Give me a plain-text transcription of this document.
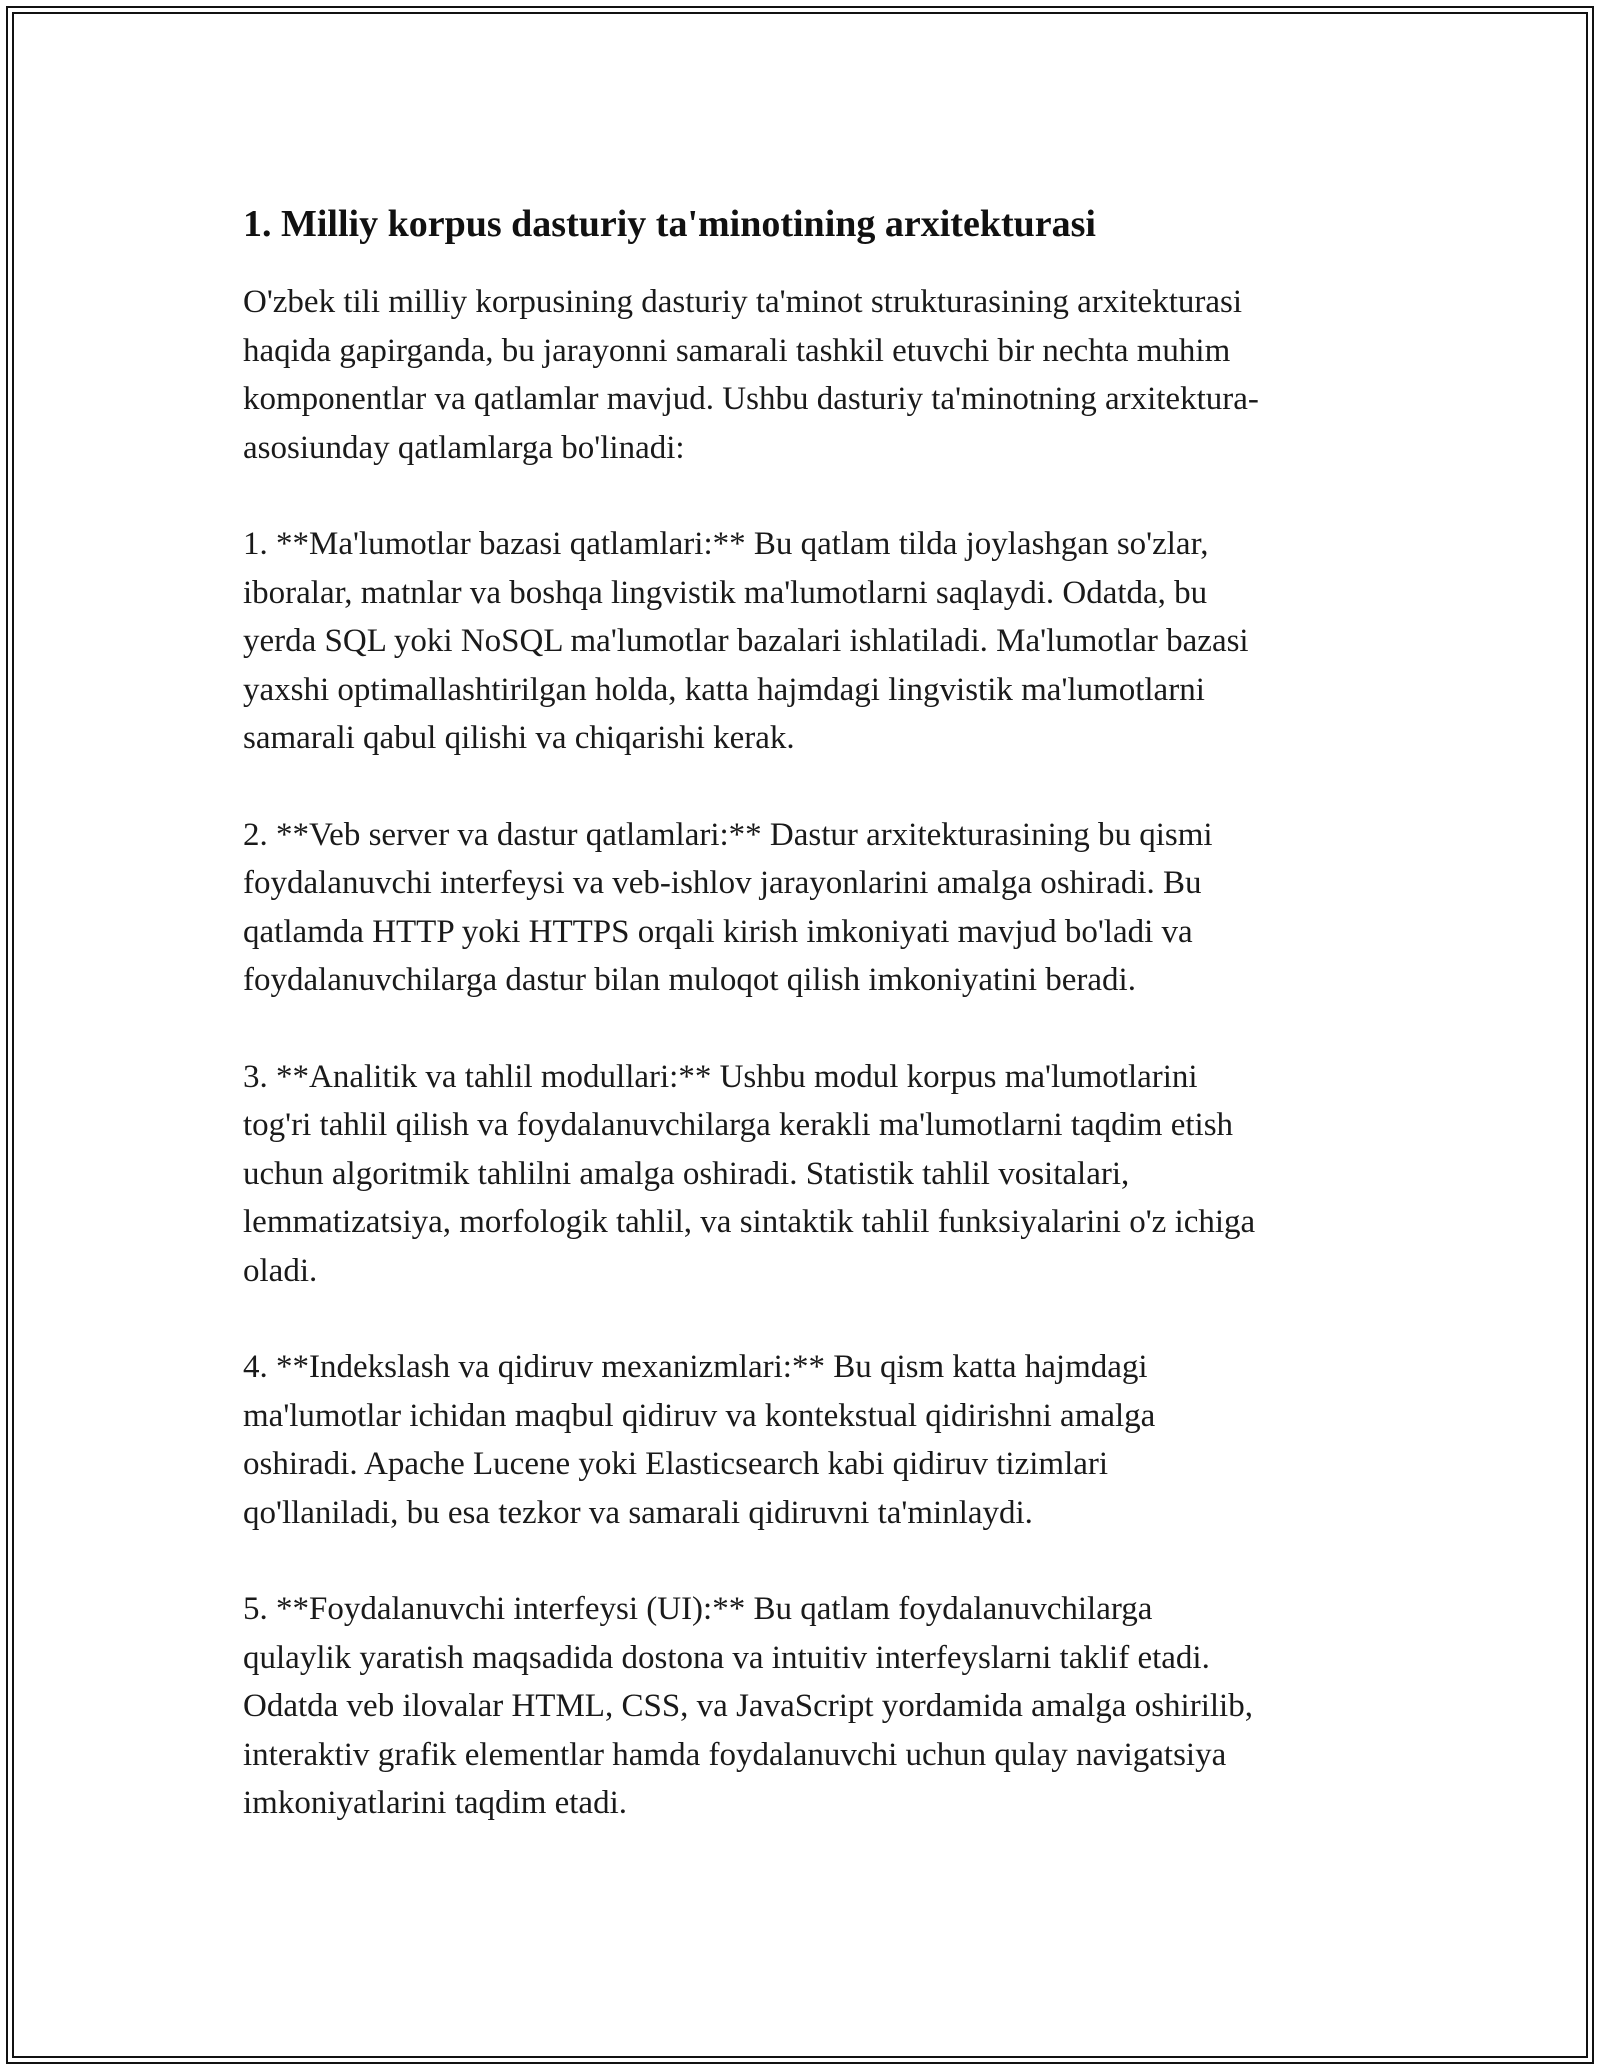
1. Milliy korpus dasturiy ta'minotining arxitekturasi

O'zbek tili milliy korpusining dasturiy ta'minot strukturasining arxitekturasi
haqida gapirganda, bu jarayonni samarali tashkil etuvchi bir nechta muhim
komponentlar va qatlamlar mavjud. Ushbu dasturiy ta'minotning arxitektura-
asosiunday qatlamlarga bo'linadi:

1. **Ma'lumotlar bazasi qatlamlari:** Bu qatlam tilda joylashgan so'zlar,
iboralar, matnlar va boshqa lingvistik ma'lumotlarni saqlaydi. Odatda, bu
yerda SQL yoki NoSQL ma'lumotlar bazalari ishlatiladi. Ma'lumotlar bazasi
yaxshi optimallashtirilgan holda, katta hajmdagi lingvistik ma'lumotlarni
samarali qabul qilishi va chiqarishi kerak.

2. **Veb server va dastur qatlamlari:** Dastur arxitekturasining bu qismi
foydalanuvchi interfeysi va veb-ishlov jarayonlarini amalga oshiradi. Bu
qatlamda HTTP yoki HTTPS orqali kirish imkoniyati mavjud bo'ladi va
foydalanuvchilarga dastur bilan muloqot qilish imkoniyatini beradi.

3. **Analitik va tahlil modullari:** Ushbu modul korpus ma'lumotlarini
tog'ri tahlil qilish va foydalanuvchilarga kerakli ma'lumotlarni taqdim etish
uchun algoritmik tahlilni amalga oshiradi. Statistik tahlil vositalari,
lemmatizatsiya, morfologik tahlil, va sintaktik tahlil funksiyalarini o'z ichiga
oladi.

4. **Indekslash va qidiruv mexanizmlari:** Bu qism katta hajmdagi
ma'lumotlar ichidan maqbul qidiruv va kontekstual qidirishni amalga
oshiradi. Apache Lucene yoki Elasticsearch kabi qidiruv tizimlari
qo'llaniladi, bu esa tezkor va samarali qidiruvni ta'minlaydi.

5. **Foydalanuvchi interfeysi (UI):** Bu qatlam foydalanuvchilarga
qulaylik yaratish maqsadida dostona va intuitiv interfeyslarni taklif etadi.
Odatda veb ilovalar HTML, CSS, va JavaScript yordamida amalga oshirilib,
interaktiv grafik elementlar hamda foydalanuvchi uchun qulay navigatsiya
imkoniyatlarini taqdim etadi.
